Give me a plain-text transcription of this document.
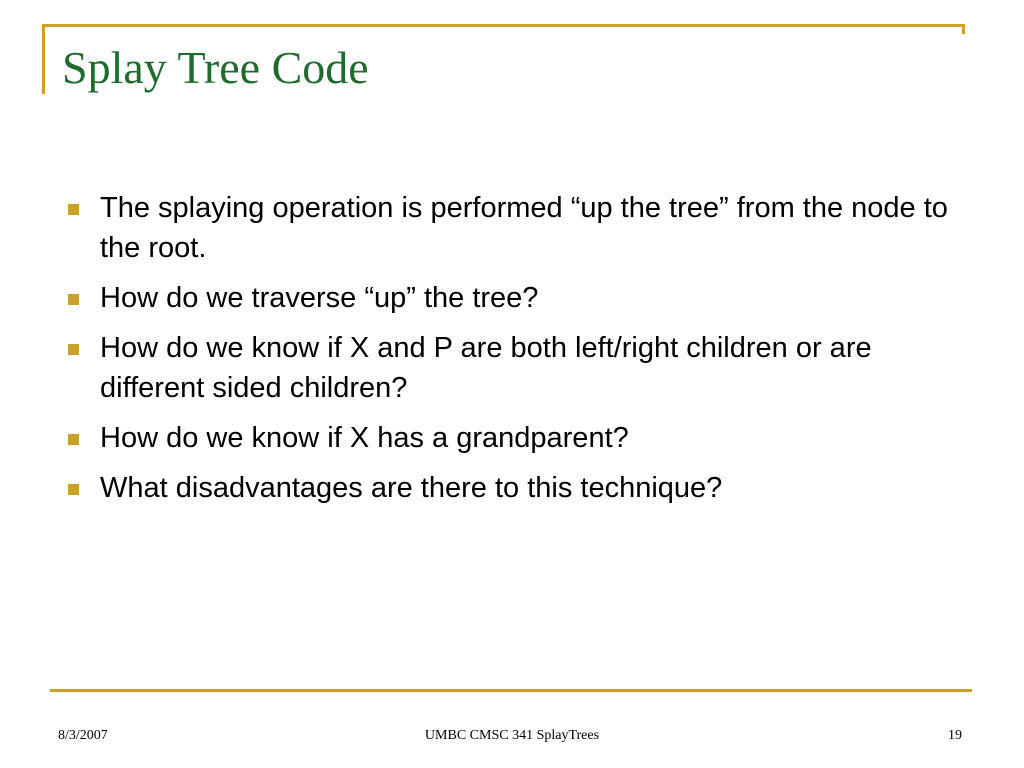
Splay Tree Code
The splaying operation is performed “up the tree” from the node to the root.
How do we traverse “up” the tree?
How do we know if X and P are both left/right children or are different sided children?
How do we know if X has a grandparent?
What disadvantages are there to this technique?
8/3/2007	UMBC CMSC 341 SplayTrees	19
